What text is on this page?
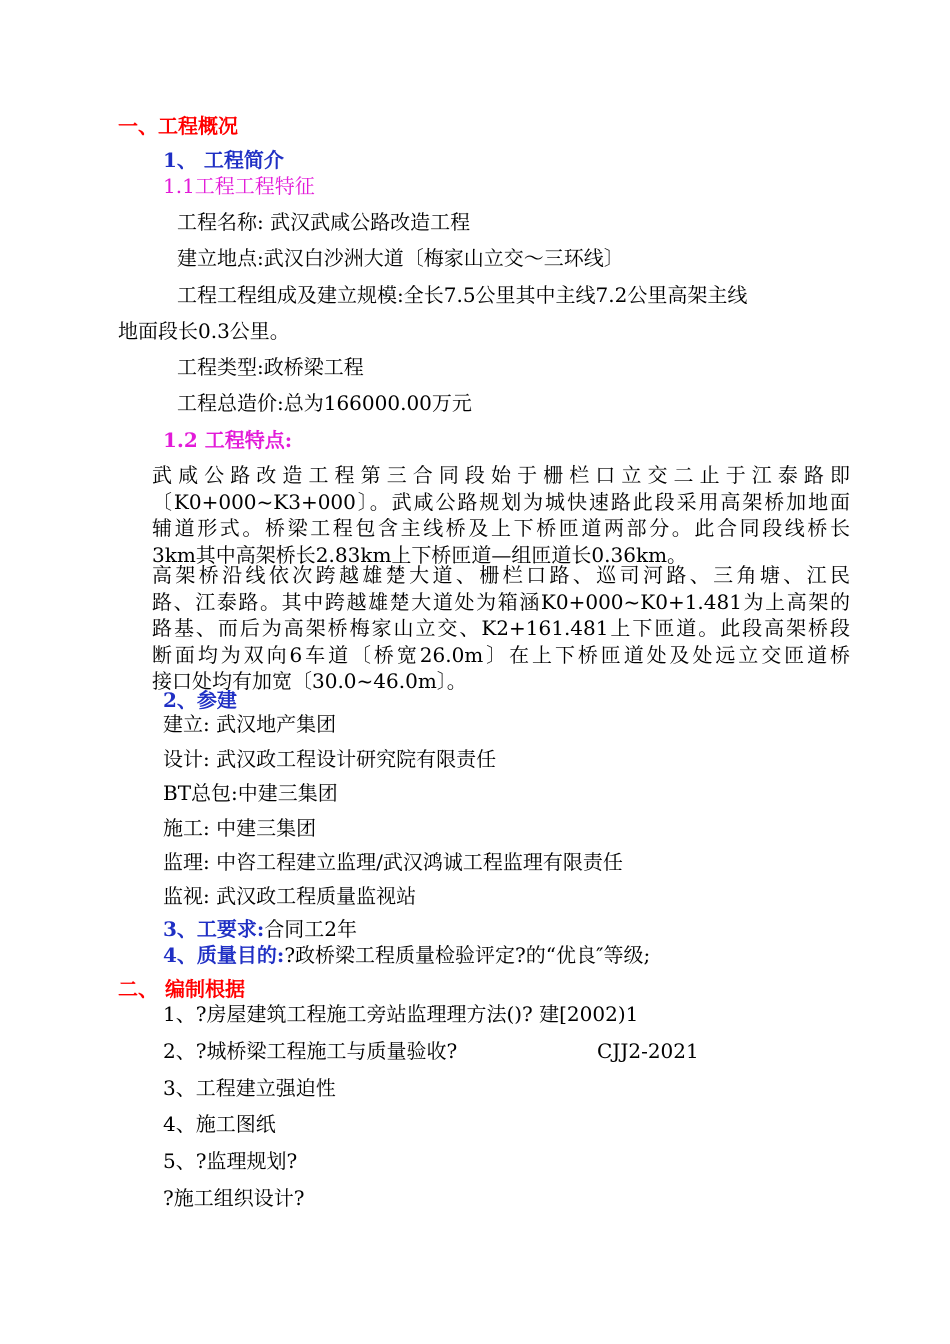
一、工程概况
1、 工程简介
1.1工程工程特征
工程名称: 武汉武咸公路改造工程
建立地点:武汉白沙洲大道〔梅家山立交～三环线〕
工程工程组成及建立规模:全长7.5公里其中主线7.2公里高架主线
地面段长0.3公里。
工程类型:政桥梁工程
工程总造价:总为166000.00万元
1.2 工程特点:
武咸公路改造工程第三合同段始于栅栏口立交二止于江泰路即
〔K0+000~K3+000〕。武咸公路规划为城快速路此段采用高架桥加地面
辅道形式。桥梁工程包含主线桥及上下桥匝道两部分。此合同段线桥长
3km其中高架桥长2.83km上下桥匝道—组匝道长0.36km。
高架桥沿线依次跨越雄楚大道、栅栏口路、巡司河路、三角塘、江民
路、江泰路。其中跨越雄楚大道处为箱涵K0+000~K0+1.481为上高架的
路基、而后为高架桥梅家山立交、K2+161.481上下匝道。此段高架桥段
断面均为双向6车道〔桥宽26.0m〕在上下桥匝道处及处远立交匝道桥
接口处均有加宽〔30.0~46.0m〕。
2、参建
建立: 武汉地产集团
设计: 武汉政工程设计研究院有限责任
BT总包:中建三集团
施工: 中建三集团
监理: 中咨工程建立监理/武汉鸿诚工程监理有限责任
监视: 武汉政工程质量监视站
3、工要求:合同工2年
4、质量目的:?政桥梁工程质量检验评定?的“优良″等级;
二、 编制根据
1、?房屋建筑工程施工旁站监理理方法()? 建[2002)1
2、?城桥梁工程施工与质量验收?	CJJ2-2021
3、工程建立强迫性
4、施工图纸
5、?监理规划?
?施工组织设计?
